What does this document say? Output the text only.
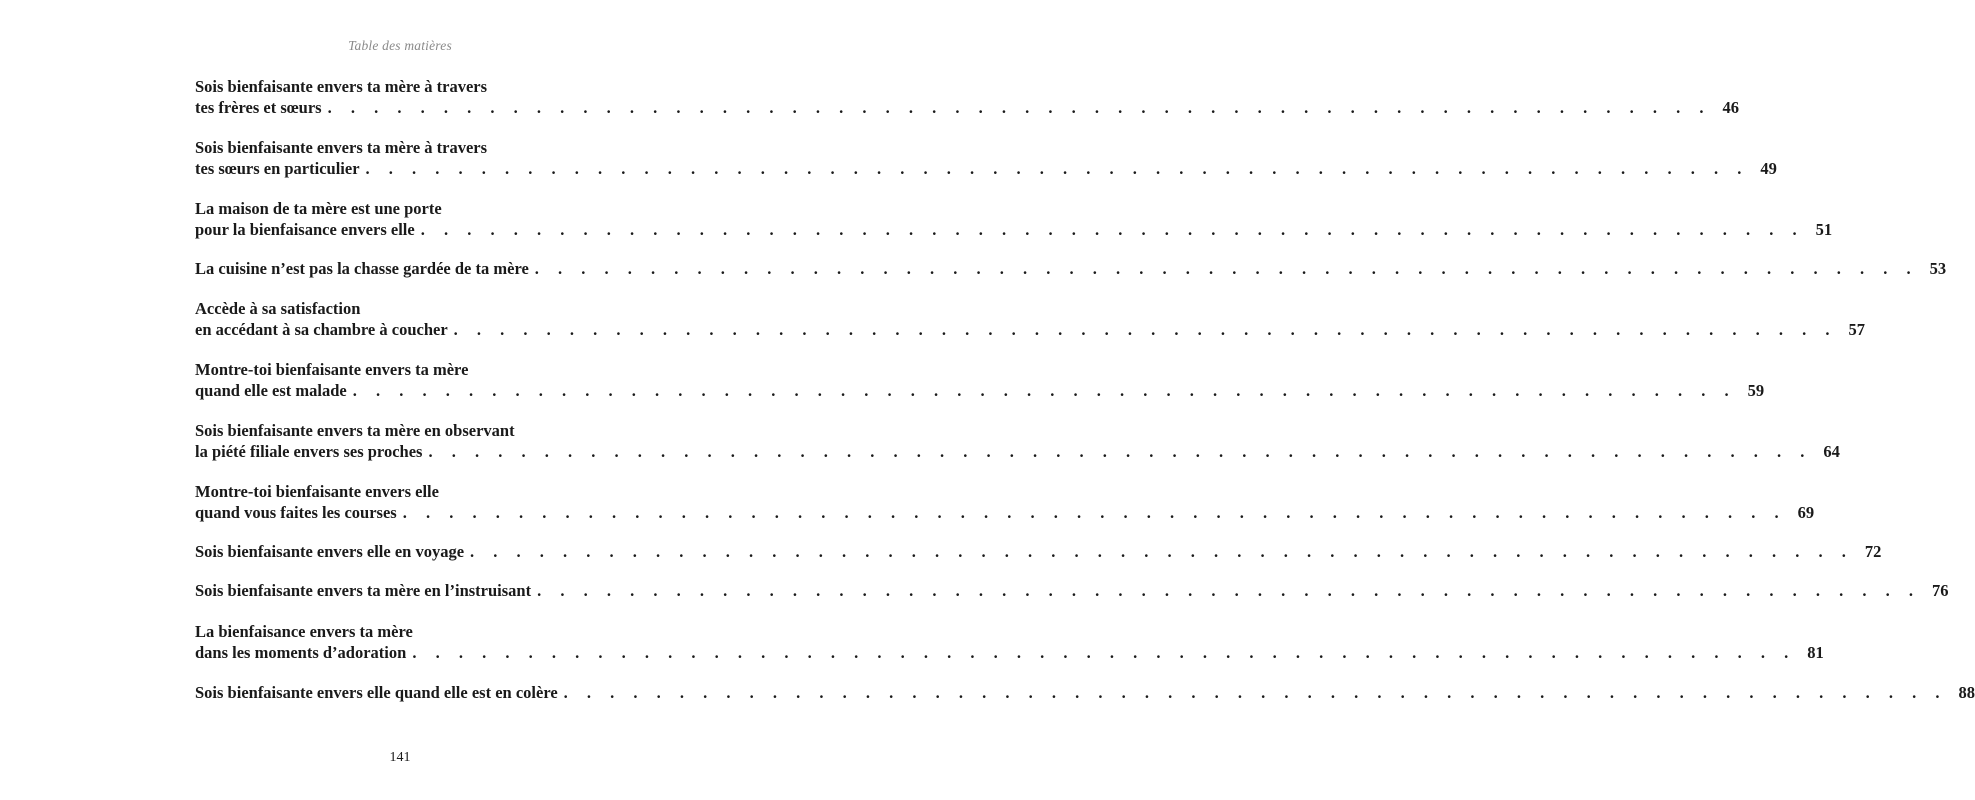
Table des matières
Sois bienfaisante envers ta mère à travers
tes frères et sœurs . . . . . . . . . . . . . . . . . . . . . . . . . . . . . . . . . . . . . . . . . . . . . . . . . . . . . . . . . . . . 46
Sois bienfaisante envers ta mère à travers
tes sœurs en particulier . . . . . . . . . . . . . . . . . . . . . . . . . . . . . . . . . . . . . . . . . . . . . . . . . . . . . . . . . . . . 49
La maison de ta mère est une porte
pour la bienfaisance envers elle . . . . . . . . . . . . . . . . . . . . . . . . . . . . . . . . . . . . . . . . . . . . . . . . . . . . . . . . . . . . 51
La cuisine n’est pas la chasse gardée de ta mère . . . . . . . . . . . . . . . . . . . . . . . . . . . . . . . . . . . . . . . . . . . . . . . . . . . . . . . . . . . . 53
Accède à sa satisfaction
en accédant à sa chambre à coucher . . . . . . . . . . . . . . . . . . . . . . . . . . . . . . . . . . . . . . . . . . . . . . . . . . . . . . . . . . . . 57
Montre-toi bienfaisante envers ta mère
quand elle est malade . . . . . . . . . . . . . . . . . . . . . . . . . . . . . . . . . . . . . . . . . . . . . . . . . . . . . . . . . . . . 59
Sois bienfaisante envers ta mère en observant
la piété filiale envers ses proches . . . . . . . . . . . . . . . . . . . . . . . . . . . . . . . . . . . . . . . . . . . . . . . . . . . . . . . . . . . . 64
Montre-toi bienfaisante envers elle
quand vous faites les courses . . . . . . . . . . . . . . . . . . . . . . . . . . . . . . . . . . . . . . . . . . . . . . . . . . . . . . . . . . . . 69
Sois bienfaisante envers elle en voyage . . . . . . . . . . . . . . . . . . . . . . . . . . . . . . . . . . . . . . . . . . . . . . . . . . . . . . . . . . . . 72
Sois bienfaisante envers ta mère en l’instruisant . . . . . . . . . . . . . . . . . . . . . . . . . . . . . . . . . . . . . . . . . . . . . . . . . . . . . . . . . . . . 76
La bienfaisance envers ta mère
dans les moments d’adoration . . . . . . . . . . . . . . . . . . . . . . . . . . . . . . . . . . . . . . . . . . . . . . . . . . . . . . . . . . . . 81
Sois bienfaisante envers elle quand elle est en colère . . . . . . . . . . . . . . . . . . . . . . . . . . . . . . . . . . . . . . . . . . . . . . . . . . . . . . . . . . . . 88
141
